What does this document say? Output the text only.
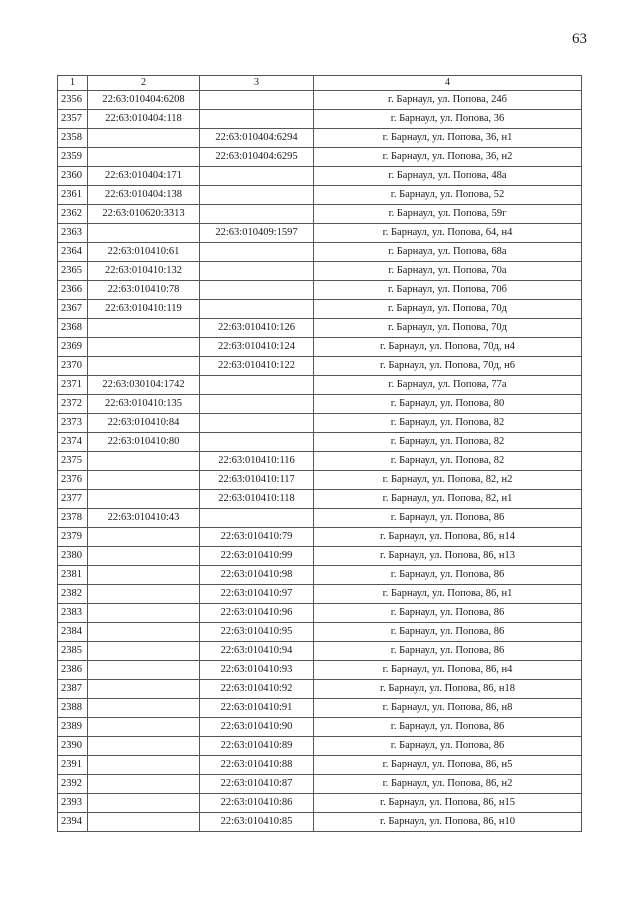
63
1	2	3	4
2356	22:63:010404:6208		г. Барнаул, ул. Попова, 24б
2357	22:63:010404:118		г. Барнаул, ул. Попова, 36
2358		22:63:010404:6294	г. Барнаул, ул. Попова, 36, н1
2359		22:63:010404:6295	г. Барнаул, ул. Попова, 36, н2
2360	22:63:010404:171		г. Барнаул, ул. Попова, 48а
2361	22:63:010404:138		г. Барнаул, ул. Попова, 52
2362	22:63:010620:3313		г. Барнаул, ул. Попова, 59г
2363		22:63:010409:1597	г. Барнаул, ул. Попова, 64, н4
2364	22:63:010410:61		г. Барнаул, ул. Попова, 68а
2365	22:63:010410:132		г. Барнаул, ул. Попова, 70а
2366	22:63:010410:78		г. Барнаул, ул. Попова, 70б
2367	22:63:010410:119		г. Барнаул, ул. Попова, 70д
2368		22:63:010410:126	г. Барнаул, ул. Попова, 70д
2369		22:63:010410:124	г. Барнаул, ул. Попова, 70д, н4
2370		22:63:010410:122	г. Барнаул, ул. Попова, 70д, н6
2371	22:63:030104:1742		г. Барнаул, ул. Попова, 77а
2372	22:63:010410:135		г. Барнаул, ул. Попова, 80
2373	22:63:010410:84		г. Барнаул, ул. Попова, 82
2374	22:63:010410:80		г. Барнаул, ул. Попова, 82
2375		22:63:010410:116	г. Барнаул, ул. Попова, 82
2376		22:63:010410:117	г. Барнаул, ул. Попова, 82, н2
2377		22:63:010410:118	г. Барнаул, ул. Попова, 82, н1
2378	22:63:010410:43		г. Барнаул, ул. Попова, 86
2379		22:63:010410:79	г. Барнаул, ул. Попова, 86, н14
2380		22:63:010410:99	г. Барнаул, ул. Попова, 86, н13
2381		22:63:010410:98	г. Барнаул, ул. Попова, 86
2382		22:63:010410:97	г. Барнаул, ул. Попова, 86, н1
2383		22:63:010410:96	г. Барнаул, ул. Попова, 86
2384		22:63:010410:95	г. Барнаул, ул. Попова, 86
2385		22:63:010410:94	г. Барнаул, ул. Попова, 86
2386		22:63:010410:93	г. Барнаул, ул. Попова, 86, н4
2387		22:63:010410:92	г. Барнаул, ул. Попова, 86, н18
2388		22:63:010410:91	г. Барнаул, ул. Попова, 86, н8
2389		22:63:010410:90	г. Барнаул, ул. Попова, 86
2390		22:63:010410:89	г. Барнаул, ул. Попова, 86
2391		22:63:010410:88	г. Барнаул, ул. Попова, 86, н5
2392		22:63:010410:87	г. Барнаул, ул. Попова, 86, н2
2393		22:63:010410:86	г. Барнаул, ул. Попова, 86, н15
2394		22:63:010410:85	г. Барнаул, ул. Попова, 86, н10
